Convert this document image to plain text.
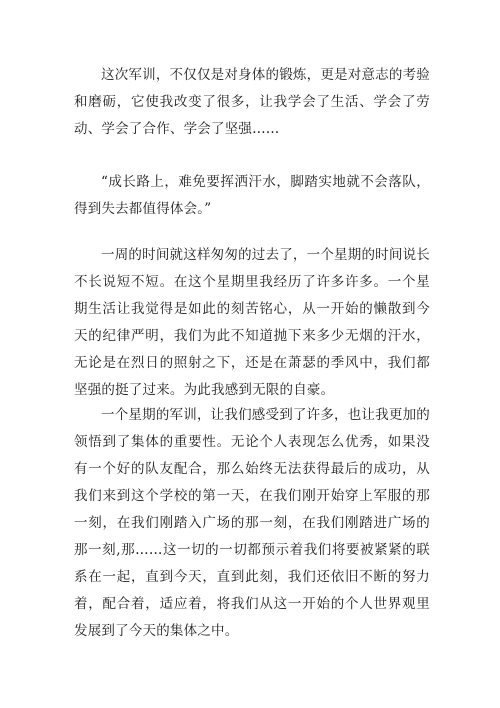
这次军训，不仅仅是对身体的锻炼，更是对意志的考验和磨砺，它使我改变了很多，让我学会了生活、学会了劳动、学会了合作、学会了坚强……

“成长路上，难免要挥洒汗水，脚踏实地就不会落队，得到失去都值得体会。”

一周的时间就这样匆匆的过去了，一个星期的时间说长不长说短不短。在这个星期里我经历了许多许多。一个星期生活让我觉得是如此的刻苦铭心，从一开始的懒散到今天的纪律严明，我们为此不知道抛下来多少无烟的汗水，无论是在烈日的照射之下，还是在萧瑟的季风中，我们都坚强的挺了过来。为此我感到无限的自豪。

一个星期的军训，让我们感受到了许多，也让我更加的领悟到了集体的重要性。无论个人表现怎么优秀，如果没有一个好的队友配合，那么始终无法获得最后的成功，从我们来到这个学校的第一天，在我们刚开始穿上军服的那一刻，在我们刚踏入广场的那一刻，在我们刚踏进广场的那一刻,那……这一切的一切都预示着我们将要被紧紧的联系在一起，直到今天，直到此刻，我们还依旧不断的努力着，配合着，适应着，将我们从这一开始的个人世界观里发展到了今天的集体之中。
